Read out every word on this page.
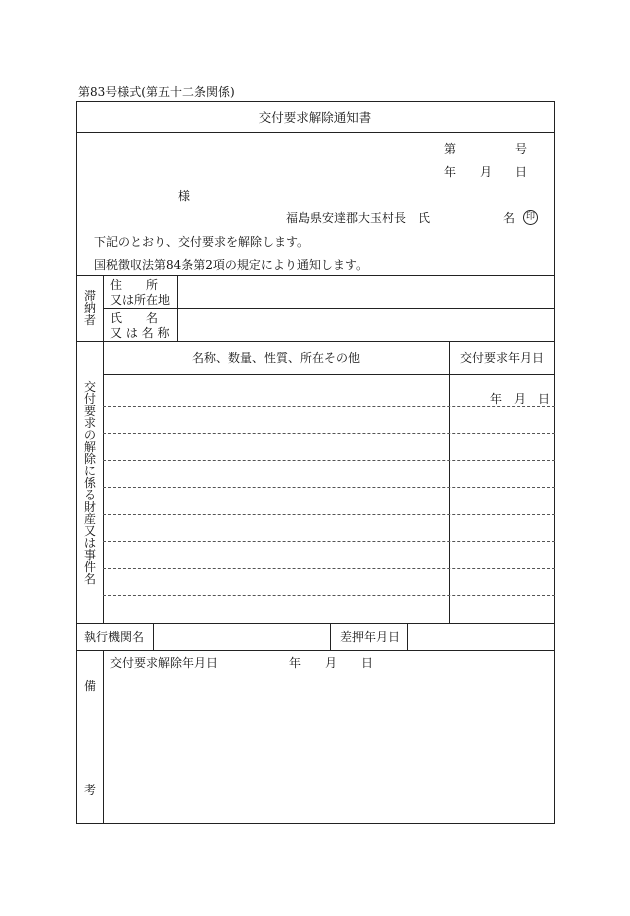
第83号様式(第五十二条関係)
交付要求解除通知書
第	号
年 月 日
様
福島県安達郡大玉村長　氏	名	印
下記のとおり、交付要求を解除します。
国税徴収法第84条第2項の規定により通知します。
滞納者
住　　所
又は所在地
氏　　名
又 は 名 称
交付要求の解除に係る財産又は事件名
名称、数量、性質、所在その他	交付要求年月日
年　月　日
執行機関名	差押年月日
備
考
交付要求解除年月日	年 月 日
